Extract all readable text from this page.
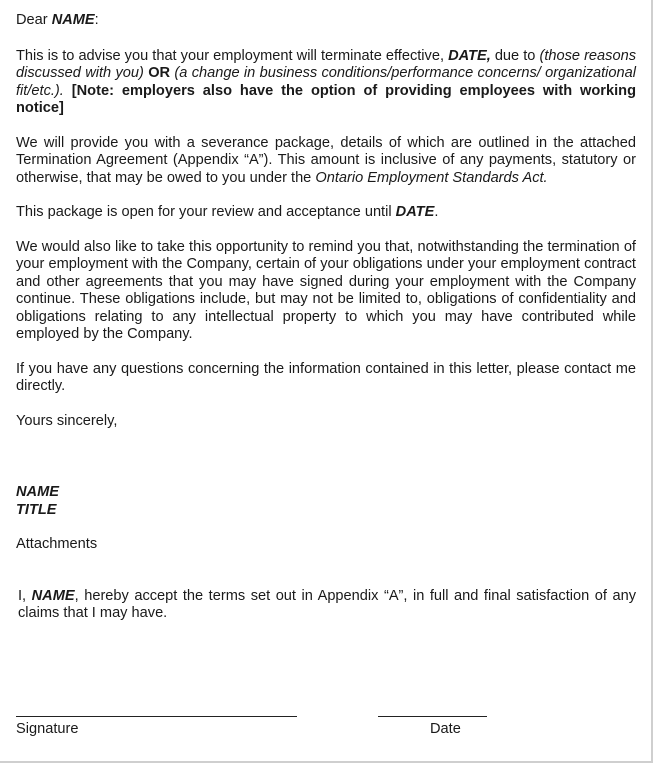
Dear NAME:

This is to advise you that your employment will terminate effective, DATE, due to (those reasons discussed with you) OR (a change in business conditions/performance concerns/ organizational fit/etc.). [Note: employers also have the option of providing employees with working notice]

We will provide you with a severance package, details of which are outlined in the attached Termination Agreement (Appendix “A”). This amount is inclusive of any payments, statutory or otherwise, that may be owed to you under the Ontario Employment Standards Act.

This package is open for your review and acceptance until DATE.

We would also like to take this opportunity to remind you that, notwithstanding the termination of your employment with the Company, certain of your obligations under your employment contract and other agreements that you may have signed during your employment with the Company continue. These obligations include, but may not be limited to, obligations of confidentiality and obligations relating to any intellectual property to which you may have contributed while employed by the Company.

If you have any questions concerning the information contained in this letter, please contact me directly.

Yours sincerely,

NAME
TITLE

Attachments

I, NAME, hereby accept the terms set out in Appendix “A”, in full and final satisfaction of any claims that I may have.

Signature	Date
